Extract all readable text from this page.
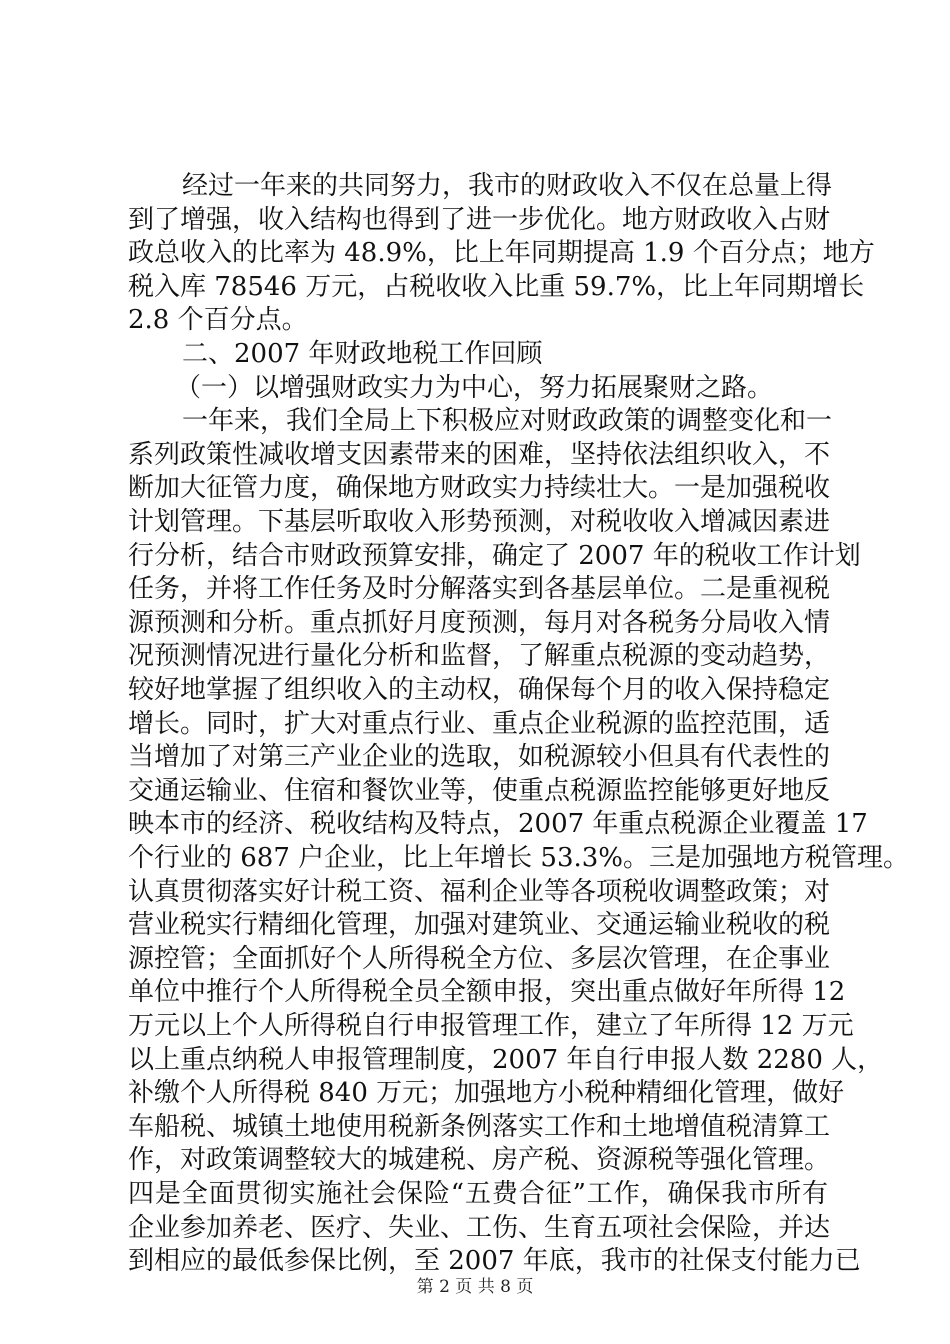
经过一年来的共同努力，我市的财政收入不仅在总量上得
到了增强，收入结构也得到了进一步优化。地方财政收入占财
政总收入的比率为 48.9%，比上年同期提高 1.9 个百分点；地方
税入库 78546 万元，占税收收入比重 59.7%，比上年同期增长
2.8 个百分点。
二、2007 年财政地税工作回顾
（一）以增强财政实力为中心，努力拓展聚财之路。
一年来，我们全局上下积极应对财政政策的调整变化和一
系列政策性减收增支因素带来的困难，坚持依法组织收入，不
断加大征管力度，确保地方财政实力持续壮大。一是加强税收
计划管理。下基层听取收入形势预测，对税收收入增减因素进
行分析，结合市财政预算安排，确定了 2007 年的税收工作计划
任务，并将工作任务及时分解落实到各基层单位。二是重视税
源预测和分析。重点抓好月度预测，每月对各税务分局收入情
况预测情况进行量化分析和监督，了解重点税源的变动趋势，
较好地掌握了组织收入的主动权，确保每个月的收入保持稳定
增长。同时，扩大对重点行业、重点企业税源的监控范围，适
当增加了对第三产业企业的选取，如税源较小但具有代表性的
交通运输业、住宿和餐饮业等，使重点税源监控能够更好地反
映本市的经济、税收结构及特点，2007 年重点税源企业覆盖 17
个行业的 687 户企业，比上年增长 53.3%。三是加强地方税管理。
认真贯彻落实好计税工资、福利企业等各项税收调整政策；对
营业税实行精细化管理，加强对建筑业、交通运输业税收的税
源控管；全面抓好个人所得税全方位、多层次管理，在企事业
单位中推行个人所得税全员全额申报，突出重点做好年所得 12
万元以上个人所得税自行申报管理工作，建立了年所得 12 万元
以上重点纳税人申报管理制度，2007 年自行申报人数 2280 人，
补缴个人所得税 840 万元；加强地方小税种精细化管理，做好
车船税、城镇土地使用税新条例落实工作和土地增值税清算工
作，对政策调整较大的城建税、房产税、资源税等强化管理。
四是全面贯彻实施社会保险“五费合征”工作，确保我市所有
企业参加养老、医疗、失业、工伤、生育五项社会保险，并达
到相应的最低参保比例，至 2007 年底，我市的社保支付能力已
第 2 页 共 8 页
